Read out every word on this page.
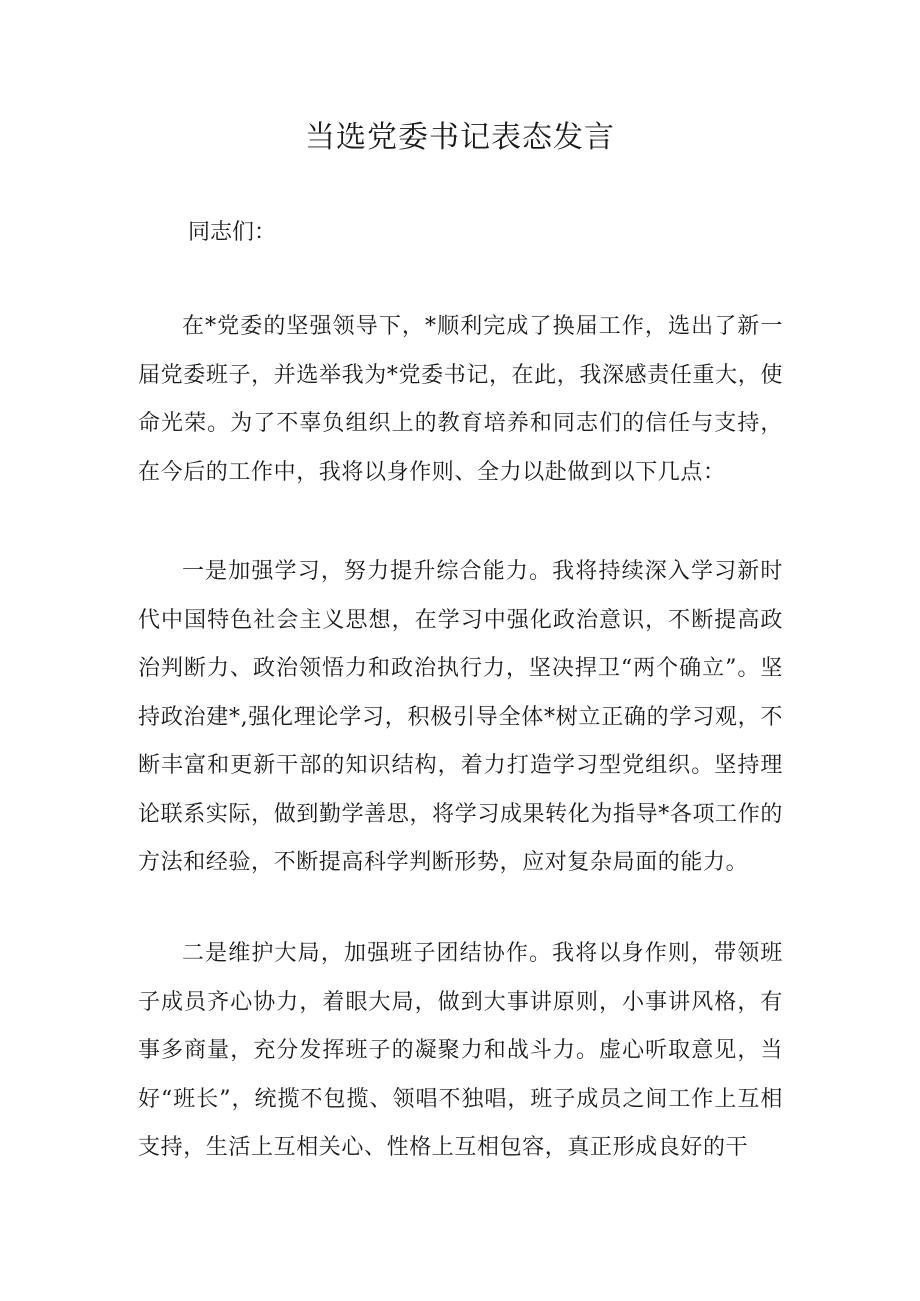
当选党委书记表态发言

同志们：

在*党委的坚强领导下，*顺利完成了换届工作，选出了新一届党委班子，并选举我为*党委书记，在此，我深感责任重大，使命光荣。为了不辜负组织上的教育培养和同志们的信任与支持，在今后的工作中，我将以身作则、全力以赴做到以下几点：

一是加强学习，努力提升综合能力。我将持续深入学习新时代中国特色社会主义思想，在学习中强化政治意识，不断提高政治判断力、政治领悟力和政治执行力，坚决捍卫“两个确立”。坚持政治建*,强化理论学习，积极引导全体*树立正确的学习观，不断丰富和更新干部的知识结构，着力打造学习型党组织。坚持理论联系实际，做到勤学善思，将学习成果转化为指导*各项工作的方法和经验，不断提高科学判断形势，应对复杂局面的能力。

二是维护大局，加强班子团结协作。我将以身作则，带领班子成员齐心协力，着眼大局，做到大事讲原则，小事讲风格，有事多商量，充分发挥班子的凝聚力和战斗力。虚心听取意见，当好“班长”，统揽不包揽、领唱不独唱，班子成员之间工作上互相支持，生活上互相关心、性格上互相包容，真正形成良好的干
